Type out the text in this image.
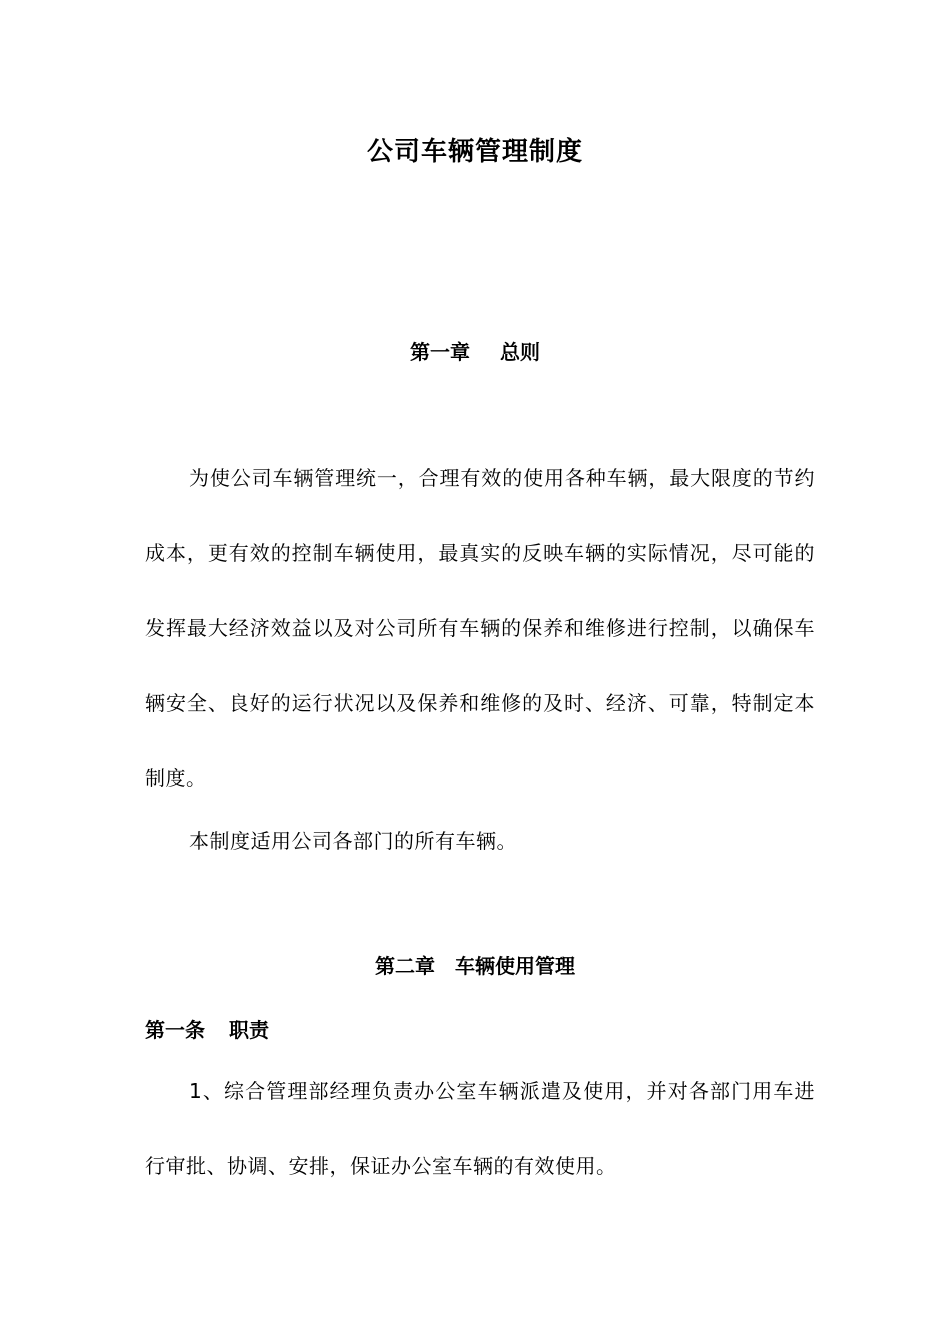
公司车辆管理制度
第一章 总则

为使公司车辆管理统一，合理有效的使用各种车辆，最大限度的节约成本，更有效的控制车辆使用，最真实的反映车辆的实际情况，尽可能的发挥最大经济效益以及对公司所有车辆的保养和维修进行控制，以确保车辆安全、良好的运行状况以及保养和维修的及时、经济、可靠，特制定本制度。

本制度适用公司各部门的所有车辆。

第二章 车辆使用管理
第一条 职责

1、综合管理部经理负责办公室车辆派遣及使用，并对各部门用车进行审批、协调、安排，保证办公室车辆的有效使用。
